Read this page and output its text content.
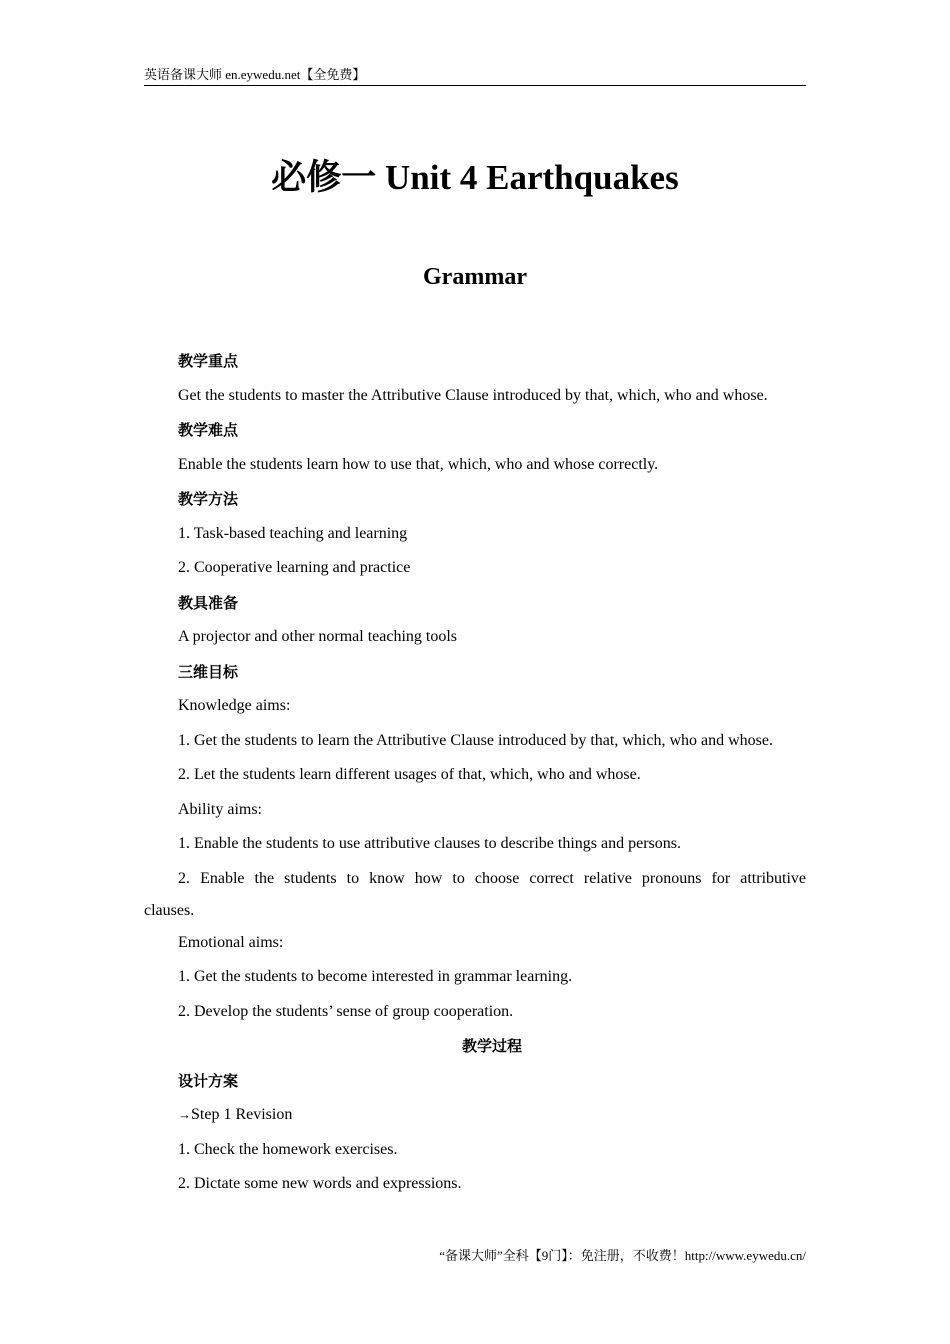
英语备课大师 en.eywedu.net【全免费】
必修一 Unit 4 Earthquakes
Grammar
教学重点
Get the students to master the Attributive Clause introduced by that, which, who and whose.
教学难点
Enable the students learn how to use that, which, who and whose correctly.
教学方法
1. Task-based teaching and learning
2. Cooperative learning and practice
教具准备
A projector and other normal teaching tools
三维目标
Knowledge aims:
1. Get the students to learn the Attributive Clause introduced by that, which, who and whose.
2. Let the students learn different usages of that, which, who and whose.
Ability aims:
1. Enable the students to use attributive clauses to describe things and persons.
2. Enable the students to know how to choose correct relative pronouns for attributive
clauses.
Emotional aims:
1. Get the students to become interested in grammar learning.
2. Develop the students’ sense of group cooperation.
教学过程
设计方案
→Step 1 Revision
1. Check the homework exercises.
2. Dictate some new words and expressions.
“备课大师”全科【9门】：免注册，不收费！http://www.eywedu.cn/
